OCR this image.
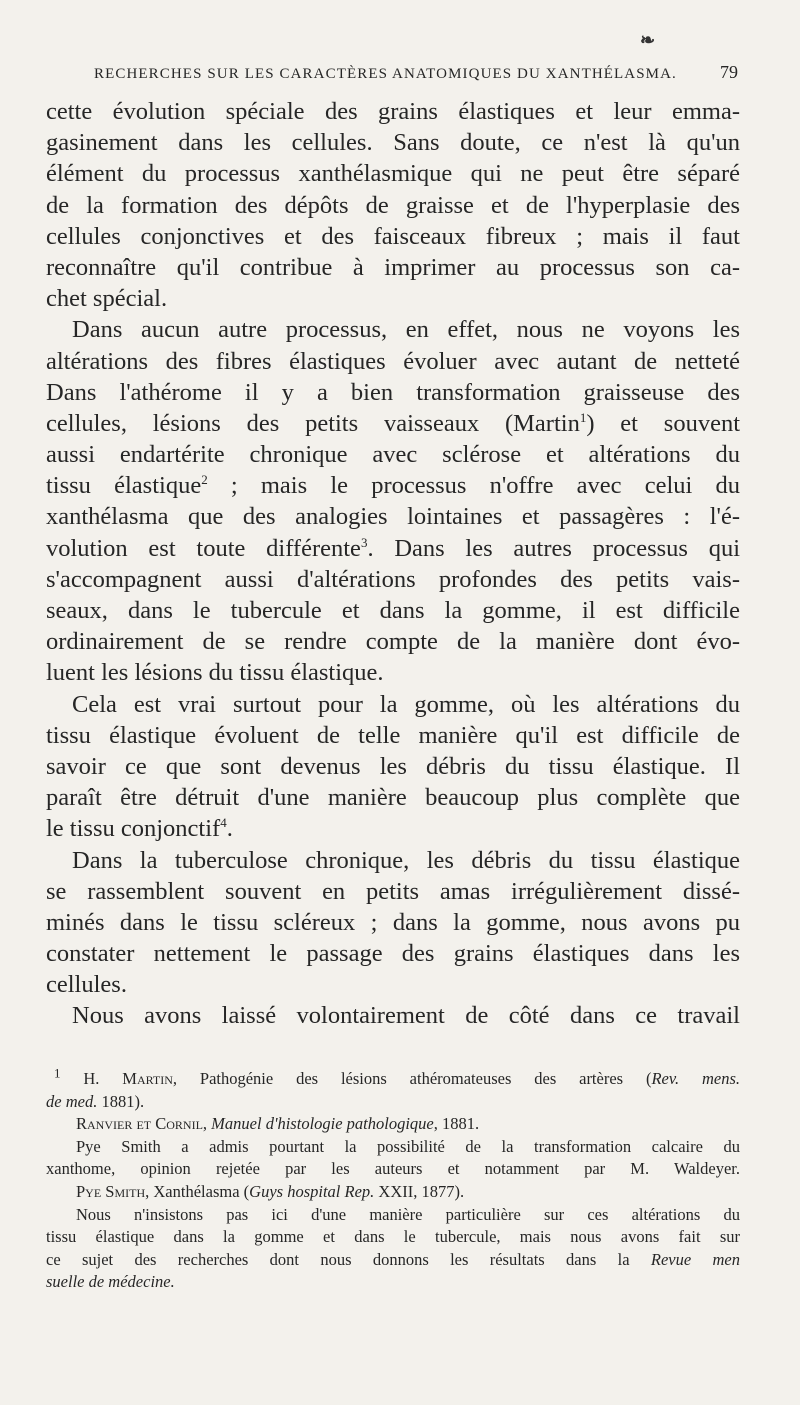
❧
RECHERCHES SUR LES CARACTÈRES ANATOMIQUES DU XANTHÉLASMA. 79
cette évolution spéciale des grains élastiques et leur emma-
gasinement dans les cellules. Sans doute, ce n'est là qu'un
élément du processus xanthélasmique qui ne peut être séparé
de la formation des dépôts de graisse et de l'hyperplasie des
cellules conjonctives et des faisceaux fibreux ; mais il faut
reconnaître qu'il contribue à imprimer au processus son ca-
chet spécial.
Dans aucun autre processus, en effet, nous ne voyons les
altérations des fibres élastiques évoluer avec autant de netteté
Dans l'athérome il y a bien transformation graisseuse des
cellules, lésions des petits vaisseaux (Martin$^1$) et souvent
aussi endartérite chronique avec sclérose et altérations du
tissu élastique$^2$ ; mais le processus n'offre avec celui du
xanthélasma que des analogies lointaines et passagères : l'é-
volution est toute différente$^3$. Dans les autres processus qui
s'accompagnent aussi d'altérations profondes des petits vais-
seaux, dans le tubercule et dans la gomme, il est difficile
ordinairement de se rendre compte de la manière dont évo-
luent les lésions du tissu élastique.
Cela est vrai surtout pour la gomme, où les altérations du
tissu élastique évoluent de telle manière qu'il est difficile de
savoir ce que sont devenus les débris du tissu élastique. Il
paraît être détruit d'une manière beaucoup plus complète que
le tissu conjonctif$^4$.
Dans la tuberculose chronique, les débris du tissu élastique
se rassemblent souvent en petits amas irrégulièrement dissé-
minés dans le tissu scléreux ; dans la gomme, nous avons pu
constater nettement le passage des grains élastiques dans les
cellules.
Nous avons laissé volontairement de côté dans ce travail
$^1$ H. Martin, Pathogénie des lésions athéromateuses des artères (Rev. mens.
de med. 1881).
Ranvier et Cornil, Manuel d'histologie pathologique, 1881.
Pye Smith a admis pourtant la possibilité de la transformation calcaire du
xanthome, opinion rejetée par les auteurs et notamment par M. Waldeyer.
Pye Smith, Xanthélasma (Guys hospital Rep. XXII, 1877).
Nous n'insistons pas ici d'une manière particulière sur ces altérations du
tissu élastique dans la gomme et dans le tubercule, mais nous avons fait sur
ce sujet des recherches dont nous donnons les résultats dans la Revue men
suelle de médecine.
